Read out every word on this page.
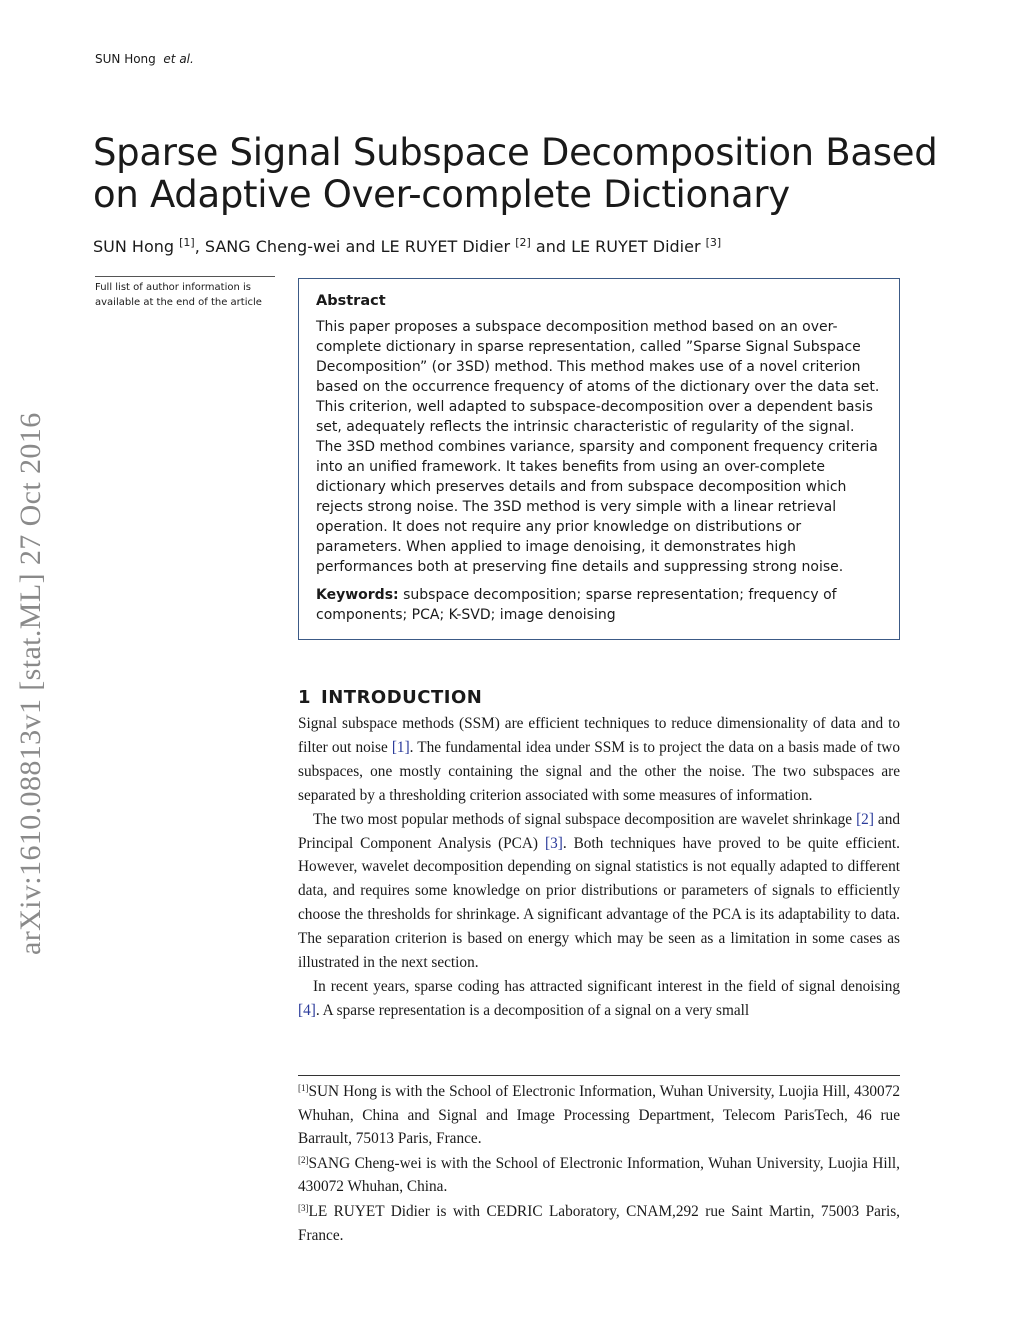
SUN Hong et al.
Sparse Signal Subspace Decomposition Based on Adaptive Over-complete Dictionary
SUN Hong [1], SANG Cheng-wei and LE RUYET Didier [2] and LE RUYET Didier [3]
Full list of author information is available at the end of the article
arXiv:1610.08813v1 [stat.ML] 27 Oct 2016
Abstract

This paper proposes a subspace decomposition method based on an over-complete dictionary in sparse representation, called ”Sparse Signal Subspace Decomposition” (or 3SD) method. This method makes use of a novel criterion based on the occurrence frequency of atoms of the dictionary over the data set. This criterion, well adapted to subspace-decomposition over a dependent basis set, adequately reflects the intrinsic characteristic of regularity of the signal. The 3SD method combines variance, sparsity and component frequency criteria into an unified framework. It takes benefits from using an over-complete dictionary which preserves details and from subspace decomposition which rejects strong noise. The 3SD method is very simple with a linear retrieval operation. It does not require any prior knowledge on distributions or parameters. When applied to image denoising, it demonstrates high performances both at preserving fine details and suppressing strong noise.

Keywords: subspace decomposition; sparse representation; frequency of components; PCA; K-SVD; image denoising
1 INTRODUCTION

Signal subspace methods (SSM) are efficient techniques to reduce dimensionality of data and to filter out noise [1]. The fundamental idea under SSM is to project the data on a basis made of two subspaces, one mostly containing the signal and the other the noise. The two subspaces are separated by a thresholding criterion associated with some measures of information.

The two most popular methods of signal subspace decomposition are wavelet shrinkage [2] and Principal Component Analysis (PCA) [3]. Both techniques have proved to be quite efficient. However, wavelet decomposition depending on signal statistics is not equally adapted to different data, and requires some knowledge on prior distributions or parameters of signals to efficiently choose the thresholds for shrinkage. A significant advantage of the PCA is its adaptability to data. The separation criterion is based on energy which may be seen as a limitation in some cases as illustrated in the next section.

In recent years, sparse coding has attracted significant interest in the field of signal denoising [4]. A sparse representation is a decomposition of a signal on a very small

[1]SUN Hong is with the School of Electronic Information, Wuhan University, Luojia Hill, 430072 Whuhan, China and Signal and Image Processing Department, Telecom ParisTech, 46 rue Barrault, 75013 Paris, France.

[2]SANG Cheng-wei is with the School of Electronic Information, Wuhan University, Luojia Hill, 430072 Whuhan, China.

[3]LE RUYET Didier is with CEDRIC Laboratory, CNAM,292 rue Saint Martin, 75003 Paris, France.
